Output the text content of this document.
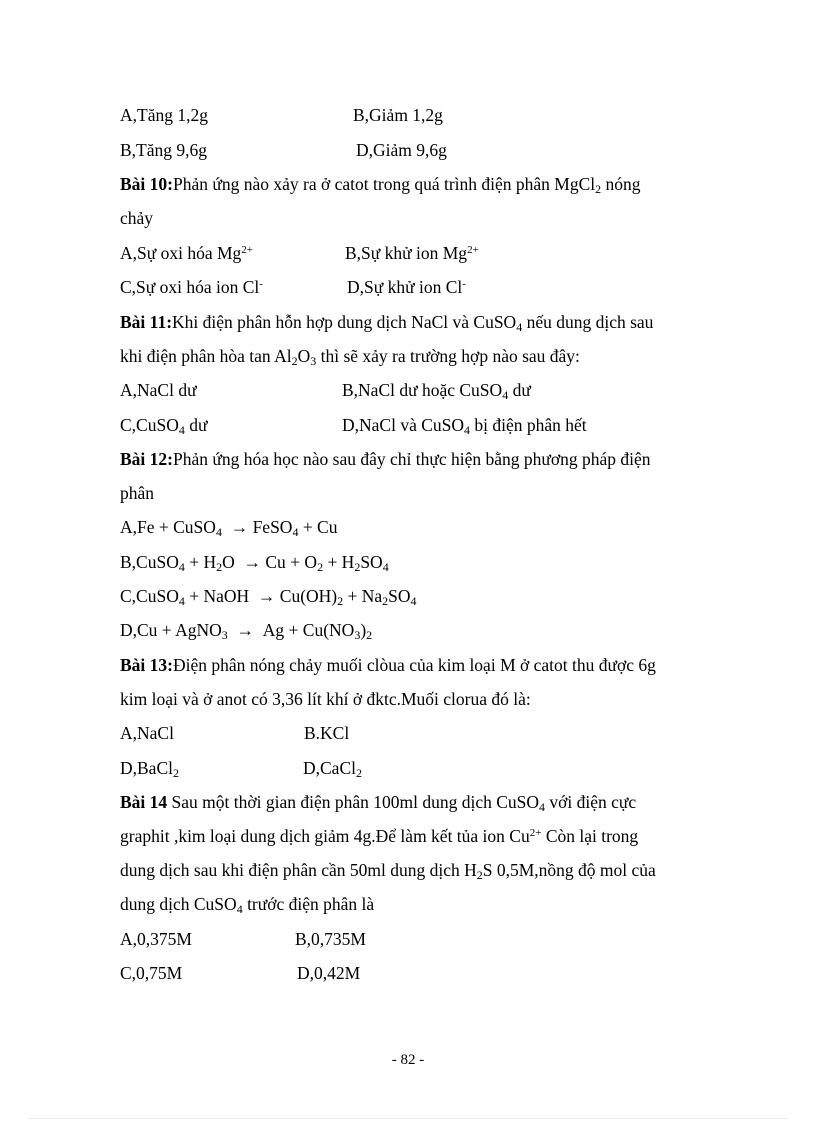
A,Tăng 1,2g	B,Giảm 1,2g
B,Tăng 9,6g	D,Giảm 9,6g
Bài 10:Phản ứng nào xảy ra ở catot trong quá trình điện phân MgCl$_2$ nóng
chảy
A,Sự oxi hóa $Mg^{2+}$	B,Sự khử ion $Mg^{2+}$
C,Sự oxi hóa ion Cl-	D,Sự khử ion Cl-
Bài 11:Khi điện phân hỗn hợp dung dịch NaCl và CuSO$_4$ nếu dung dịch sau
khi điện phân hòa $\tan Al_2O_3$ thì sẽ xảy ra trường hợp nào sau đây:
A,NaCl dư	B,NaCl dư hoặc CuSO$_4$ dư
C,CuSO$_4$ dư	D,NaCl và CuSO$_4$ bị điện phân hết
Bài 12:Phản ứng hóa học nào sau đây chỉ thực hiện bằng phương pháp điện
phân
A,Fe + CuSO$_4$  → FeSO$_4$ + Cu
B,CuSO$_4$ + $H_2O \to Cu + O_2 + H_2SO_4$
C,CuSO$_4$ + NaOH  → $Cu(OH)_2 + Na_2SO_4$
D,Cu + AgNO$_3$  →  $Ag + Cu(NO_3)_2$
Bài 13:Điện phân nóng chảy muối clòua của kim loại M ở catot thu được 6g
kim loại và ở anot có 3,36 lít khí ở đktc.Muối clorua đó là:
A,NaCl	B.KCl
D,BaCl$_2$	D,CaCl$_2$
Bài 14 Sau một thời gian điện phân 100ml dung dịch CuSO$_4$ với điện cực
graphit ,kim loại dung dịch giảm 4g.Để làm kết tủa ion $Cu^{2+}$ Còn lại trong
dung dịch sau khi điện phân cần 50ml dung dịch $H_2S$ 0,5M,nồng độ mol của
dung dịch CuSO$_4$ trước điện phân là
A,0,375M	B,0,735M
C,0,75M	D,0,42M
- 82 -
